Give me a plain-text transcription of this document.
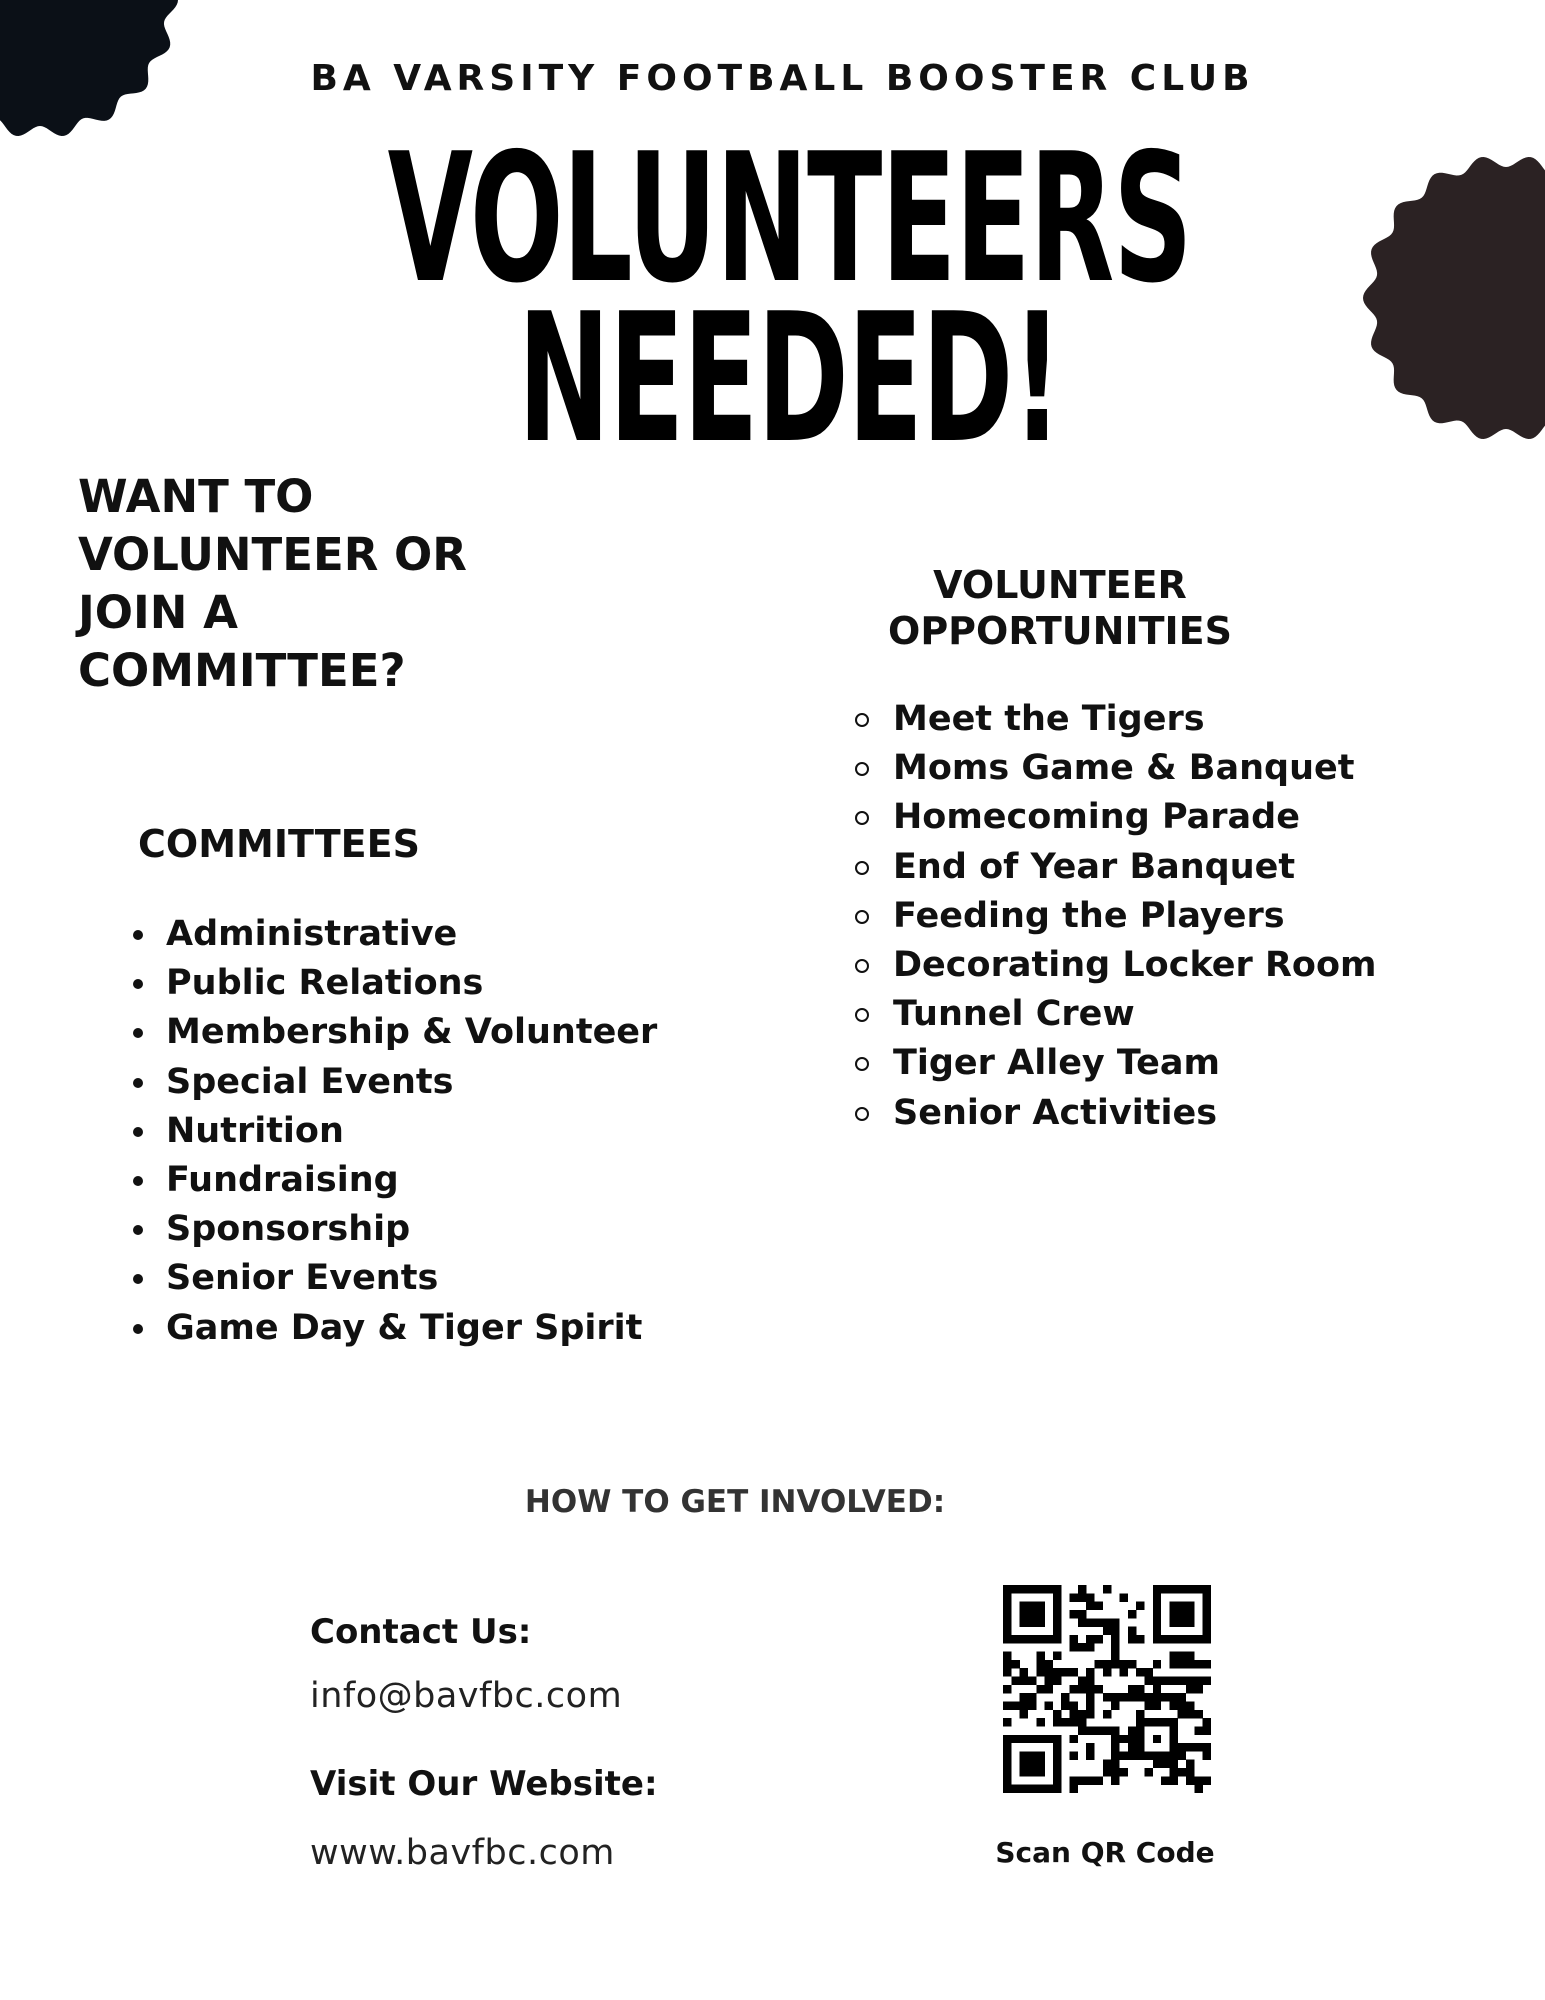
BA VARSITY FOOTBALL BOOSTER CLUB
VOLUNTEERS
NEEDED!
WANT TO
VOLUNTEER OR
JOIN A
COMMITTEE?
COMMITTEES
Administrative
Public Relations
Membership & Volunteer
Special Events
Nutrition
Fundraising
Sponsorship
Senior Events
Game Day & Tiger Spirit
VOLUNTEER
OPPORTUNITIES
Meet the Tigers
Moms Game & Banquet
Homecoming Parade
End of Year Banquet
Feeding the Players
Decorating Locker Room
Tunnel Crew
Tiger Alley Team
Senior Activities
HOW TO GET INVOLVED:
Contact Us:
info@bavfbc.com
Visit Our Website:
www.bavfbc.com	Scan QR Code
